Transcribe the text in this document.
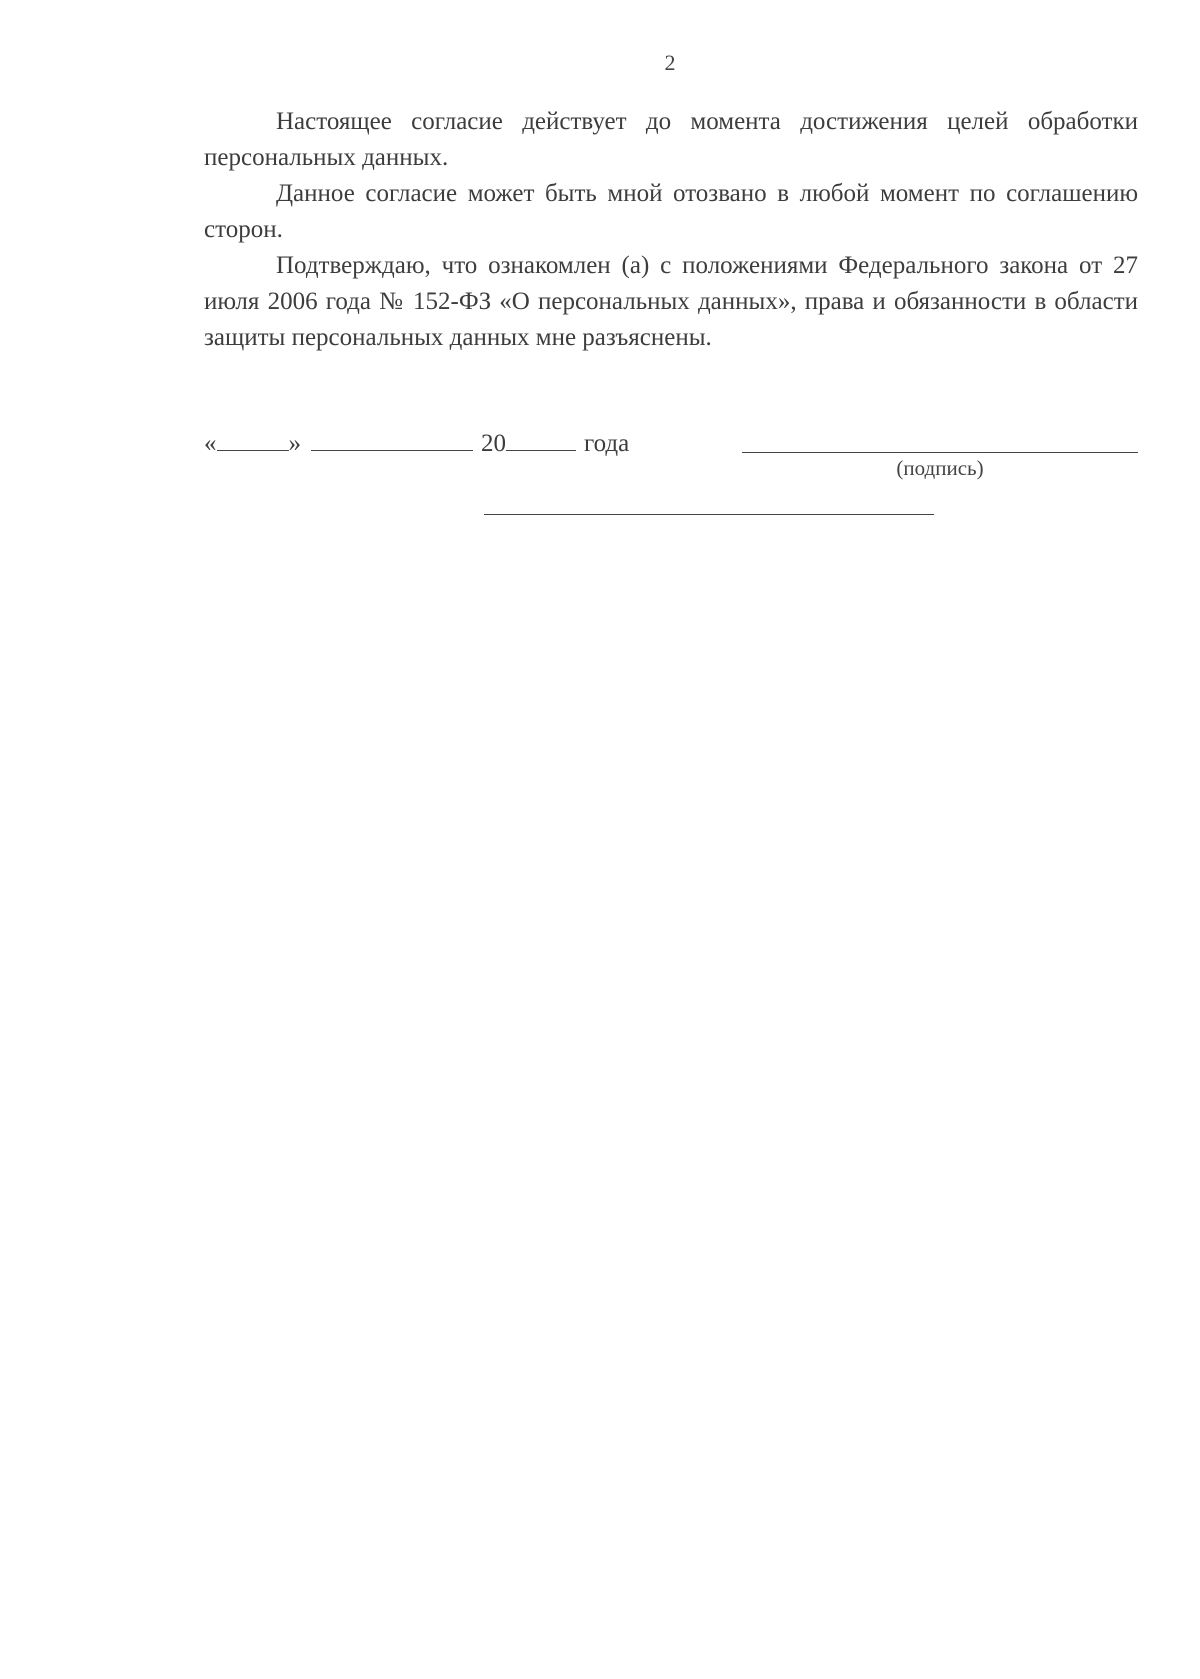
2

Настоящее согласие действует до момента достижения целей обработки персональных данных.

Данное согласие может быть мной отозвано в любой момент по соглашению сторон.

Подтверждаю, что ознакомлен (а) с положениями Федерального закона от 27 июля 2006 года № 152-ФЗ «О персональных данных», права и обязанности в области защиты персональных данных мне разъяснены.

«	»	20	года
(подпись)
